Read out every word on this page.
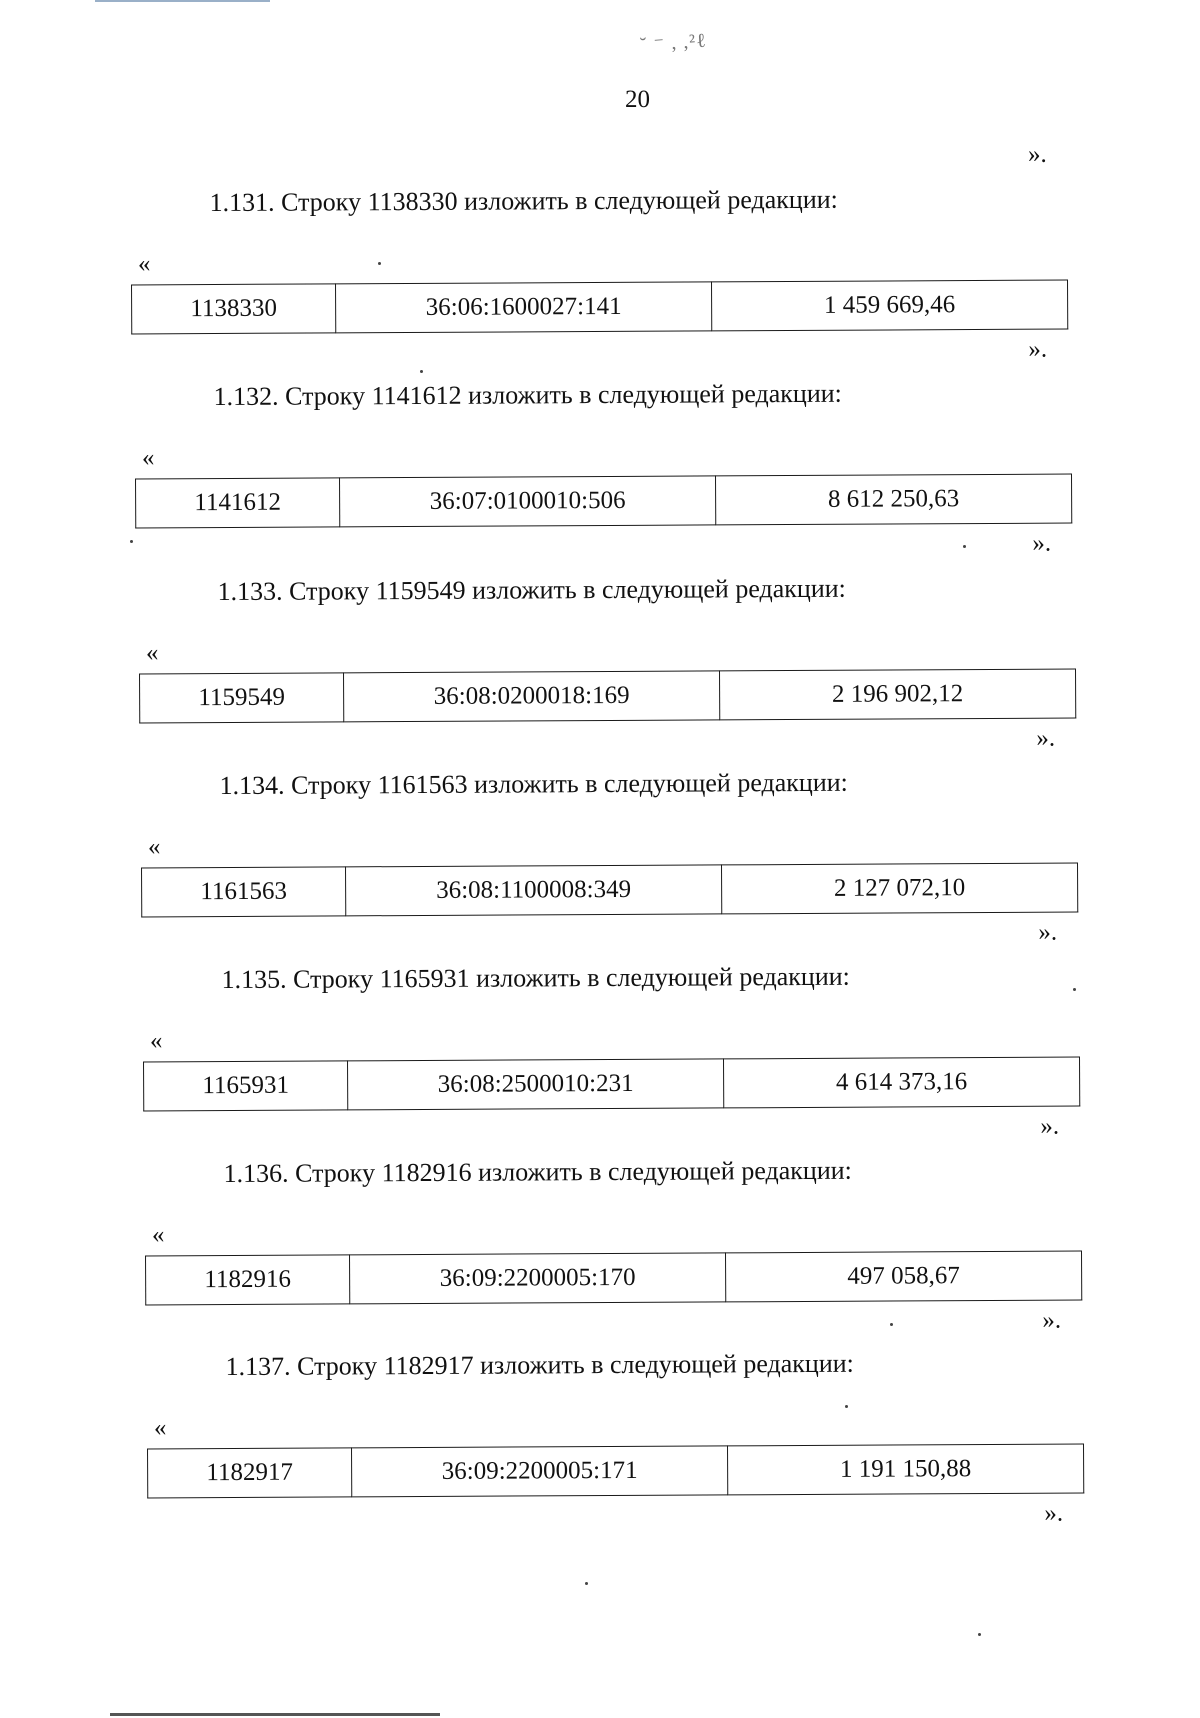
˘ ⁻ , ,²ℓ
20
».
1.131. Строку 1138330 изложить в следующей редакции:
«
1138330	36:06:1600027:141	1 459 669,46
».
1.132. Строку 1141612 изложить в следующей редакции:
«
1141612	36:07:0100010:506	8 612 250,63
».
1.133. Строку 1159549 изложить в следующей редакции:
«
1159549	36:08:0200018:169	2 196 902,12
».
1.134. Строку 1161563 изложить в следующей редакции:
«
1161563	36:08:1100008:349	2 127 072,10
».
1.135. Строку 1165931 изложить в следующей редакции:
«
1165931	36:08:2500010:231	4 614 373,16
».
1.136. Строку 1182916 изложить в следующей редакции:
«
1182916	36:09:2200005:170	497 058,67
».
1.137. Строку 1182917 изложить в следующей редакции:
«
1182917	36:09:2200005:171	1 191 150,88
».
